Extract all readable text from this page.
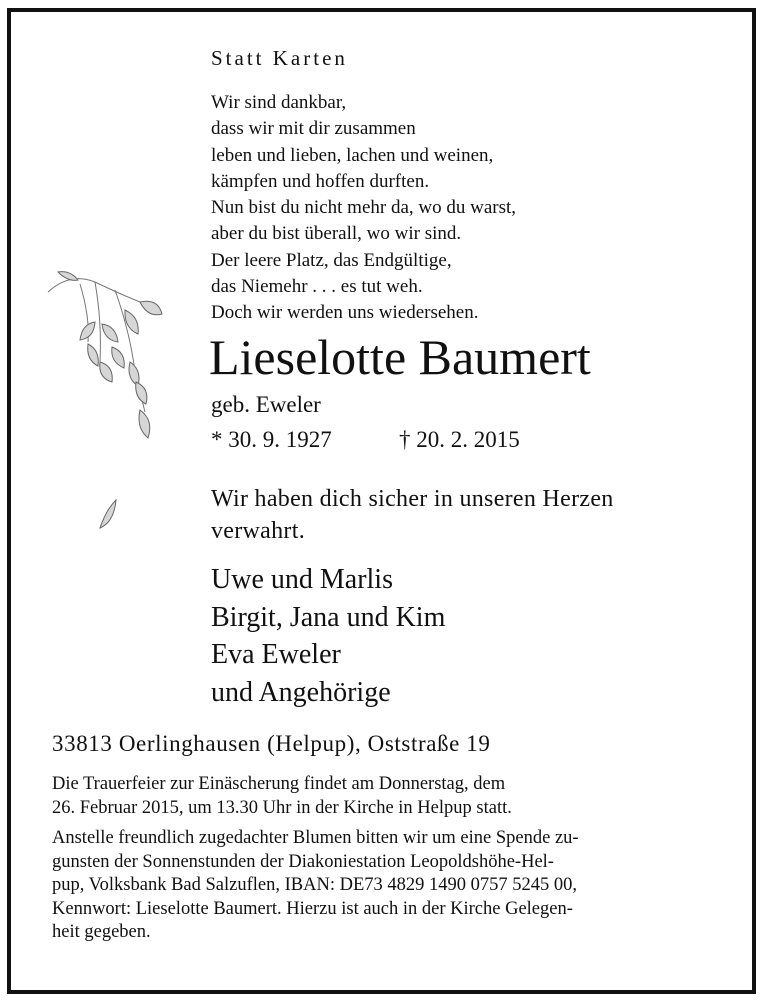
Statt Karten
Wir sind dankbar,
dass wir mit dir zusammen
leben und lieben, lachen und weinen,
kämpfen und hoffen durften.
Nun bist du nicht mehr da, wo du warst,
aber du bist überall, wo wir sind.
Der leere Platz, das Endgültige,
das Niemehr . . . es tut weh.
Doch wir werden uns wiedersehen.
Lieselotte Baumert
geb. Eweler
* 30. 9. 1927	† 20. 2. 2015
Wir haben dich sicher in unseren Herzen
verwahrt.
Uwe und Marlis
Birgit, Jana und Kim
Eva Eweler
und Angehörige
33813 Oerlinghausen (Helpup), Oststraße 19
Die Trauerfeier zur Einäscherung findet am Donnerstag, dem
26. Februar 2015, um 13.30 Uhr in der Kirche in Helpup statt.
Anstelle freundlich zugedachter Blumen bitten wir um eine Spende zu-
gunsten der Sonnenstunden der Diakoniestation Leopoldshöhe-Hel-
pup, Volksbank Bad Salzuflen, IBAN: DE73 4829 1490 0757 5245 00,
Kennwort: Lieselotte Baumert. Hierzu ist auch in der Kirche Gelegen-
heit gegeben.
